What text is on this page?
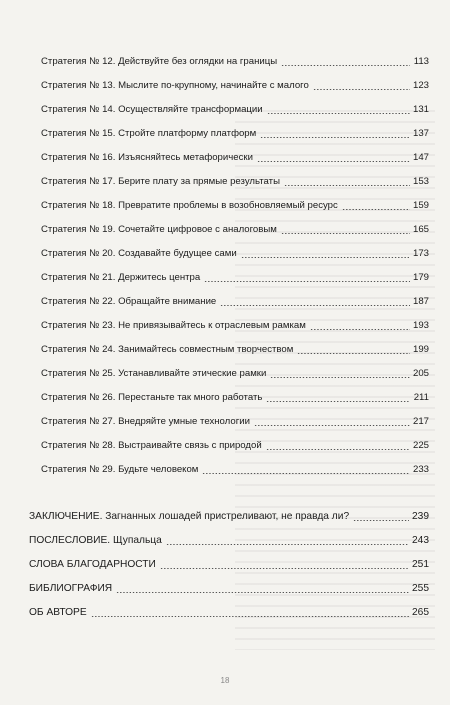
Стратегия № 12. Действуйте без оглядки на границы	113
Стратегия № 13. Мыслите по-крупному, начинайте с малого	123
Стратегия № 14. Осуществляйте трансформации	131
Стратегия № 15. Стройте платформу платформ	137
Стратегия № 16. Изъясняйтесь метафорически	147
Стратегия № 17. Берите плату за прямые результаты	153
Стратегия № 18. Превратите проблемы в возобновляемый ресурс	159
Стратегия № 19. Сочетайте цифровое с аналоговым	165
Стратегия № 20. Создавайте будущее сами	173
Стратегия № 21. Держитесь центра	179
Стратегия № 22. Обращайте внимание	187
Стратегия № 23. Не привязывайтесь к отраслевым рамкам	193
Стратегия № 24. Занимайтесь совместным творчеством	199
Стратегия № 25. Устанавливайте этические рамки	205
Стратегия № 26. Перестаньте так много работать	211
Стратегия № 27. Внедряйте умные технологии	217
Стратегия № 28. Выстраивайте связь с природой	225
Стратегия № 29. Будьте человеком	233
ЗАКЛЮЧЕНИЕ. Загнанных лошадей пристреливают, не правда ли?	239
ПОСЛЕСЛОВИЕ. Щупальца	243
СЛОВА БЛАГОДАРНОСТИ	251
БИБЛИОГРАФИЯ	255
ОБ АВТОРЕ	265
18
